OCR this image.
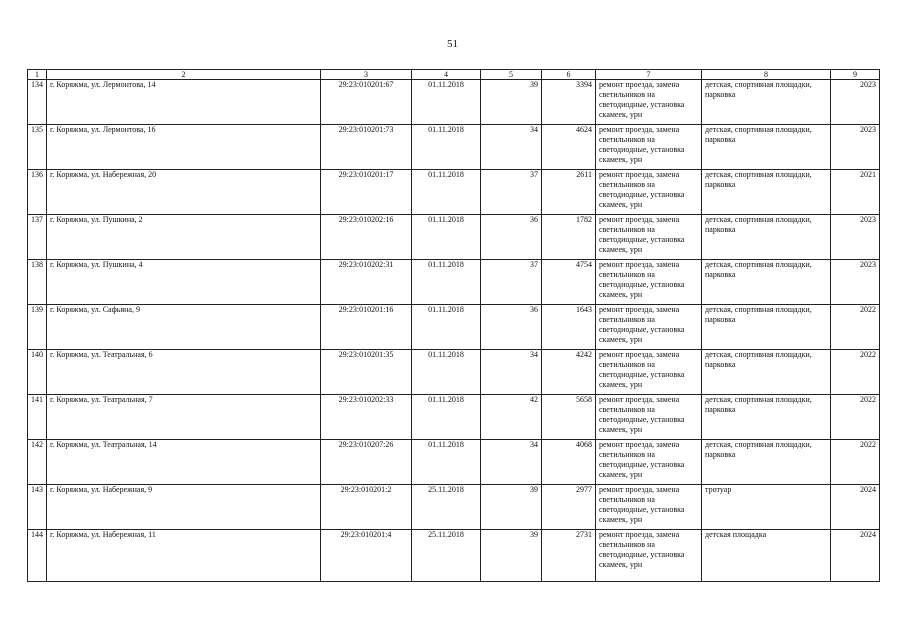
51
1	2	3	4	5	6	7	8	9
134	г. Коряжма, ул. Лермонтова, 14	29:23:010201:67	01.11.2018	39	3394	ремонт проезда, замена светильников на светодиодные, установка скамеек, урн	детская, спортивная площадки, парковка	2023
135	г. Коряжма, ул. Лермонтова, 16	29:23:010201:73	01.11.2018	34	4624	ремонт проезда, замена светильников на светодиодные, установка скамеек, урн	детская, спортивная площадки, парковка	2023
136	г. Коряжма, ул. Набережная, 20	29:23:010201:17	01.11.2018	37	2611	ремонт проезда, замена светильников на светодиодные, установка скамеек, урн	детская, спортивная площадки, парковка	2021
137	г. Коряжма, ул. Пушкина, 2	29:23:010202:16	01.11.2018	36	1782	ремонт проезда, замена светильников на светодиодные, установка скамеек, урн	детская, спортивная площадки, парковка	2023
138	г. Коряжма, ул. Пушкина, 4	29:23:010202:31	01.11.2018	37	4754	ремонт проезда, замена светильников на светодиодные, установка скамеек, урн	детская, спортивная площадки, парковка	2023
139	г. Коряжма, ул. Сафьяна, 9	29:23:010201:16	01.11.2018	36	1643	ремонт проезда, замена светильников на светодиодные, установка скамеек, урн	детская, спортивная площадки, парковка	2022
140	г. Коряжма, ул. Театральная, 6	29:23:010201:35	01.11.2018	34	4242	ремонт проезда, замена светильников на светодиодные, установка скамеек, урн	детская, спортивная площадки, парковка	2022
141	г. Коряжма, ул. Театральная, 7	29:23:010202:33	01.11.2018	42	5658	ремонт проезда, замена светильников на светодиодные, установка скамеек, урн	детская, спортивная площадки, парковка	2022
142	г. Коряжма, ул. Театральная, 14	29:23:010207:26	01.11.2018	34	4068	ремонт проезда, замена светильников на светодиодные, установка скамеек, урн	детская, спортивная площадки, парковка	2022
143	г. Коряжма, ул. Набережная, 9	29:23:010201:2	25.11.2018	39	2977	ремонт проезда, замена светильников на светодиодные, установка скамеек, урн	тротуар	2024
144	г. Коряжма, ул. Набережная, 11	29:23:010201:4	25.11.2018	39	2731	ремонт проезда, замена светильников на светодиодные, установка скамеек, урн	детская площадка	2024
